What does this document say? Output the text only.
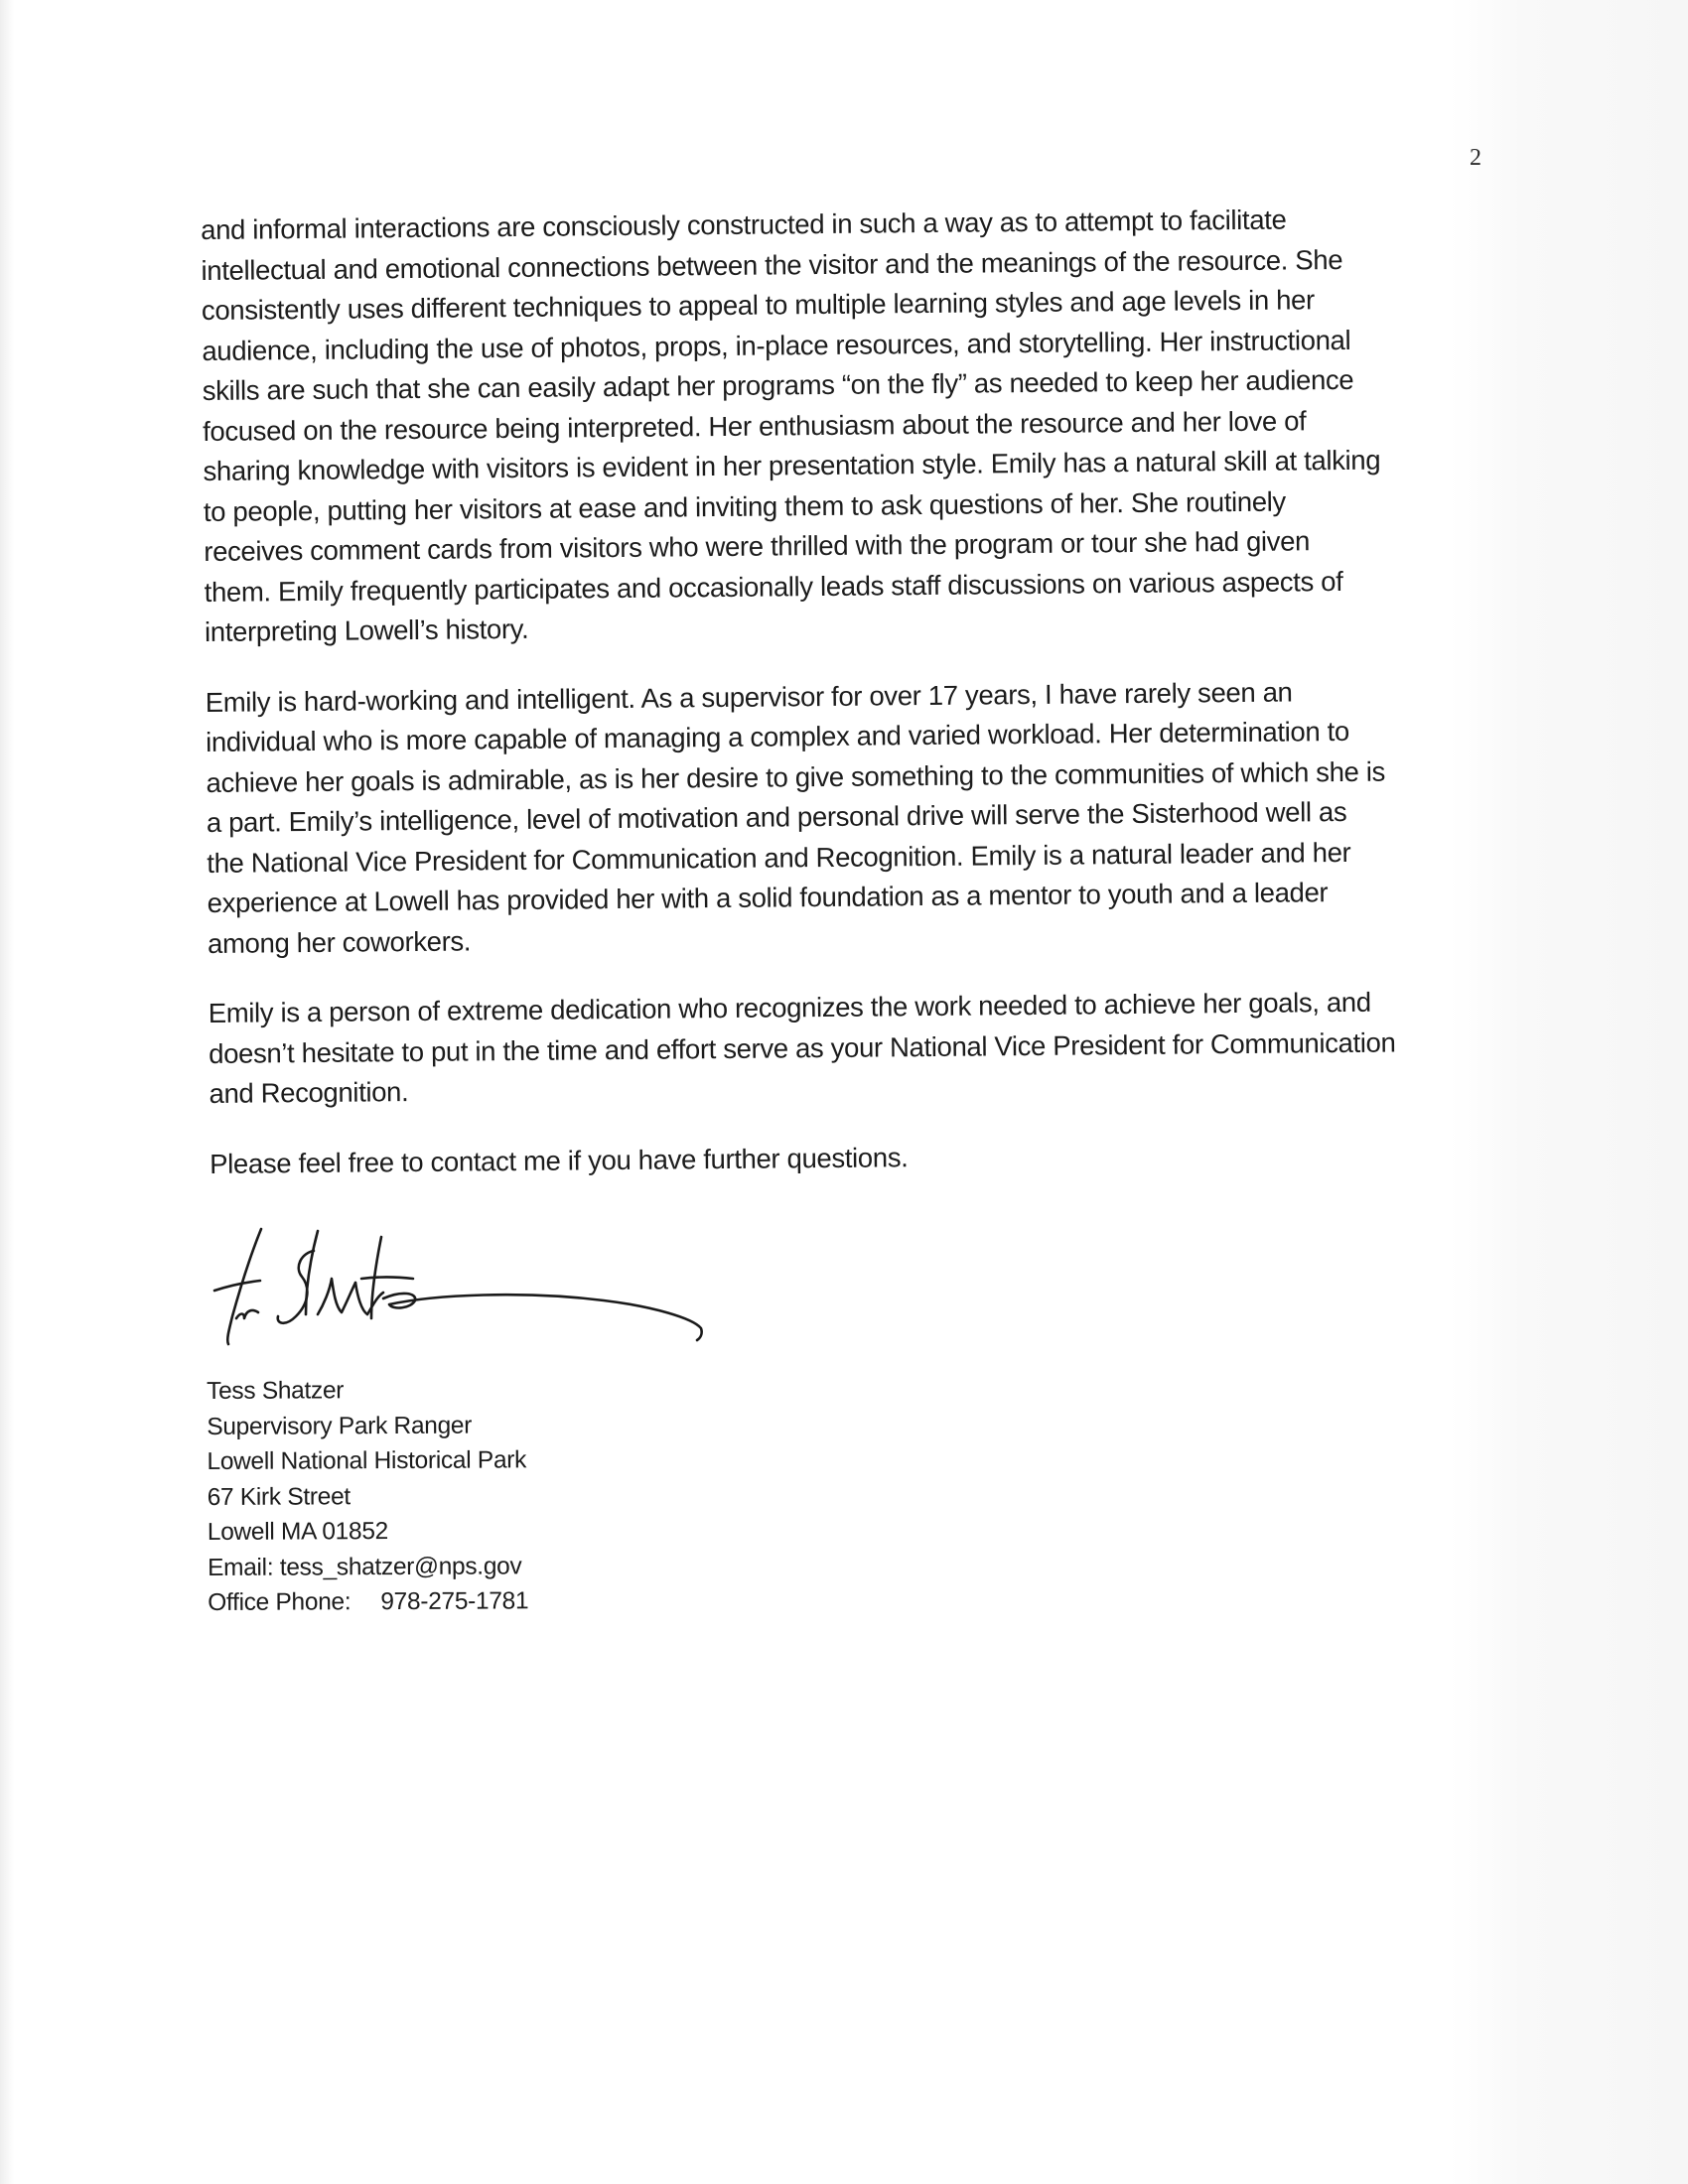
2

and informal interactions are consciously constructed in such a way as to attempt to facilitate
intellectual and emotional connections between the visitor and the meanings of the resource. She
consistently uses different techniques to appeal to multiple learning styles and age levels in her
audience, including the use of photos, props, in-place resources, and storytelling. Her instructional
skills are such that she can easily adapt her programs “on the fly” as needed to keep her audience
focused on the resource being interpreted. Her enthusiasm about the resource and her love of
sharing knowledge with visitors is evident in her presentation style. Emily has a natural skill at talking
to people, putting her visitors at ease and inviting them to ask questions of her. She routinely
receives comment cards from visitors who were thrilled with the program or tour she had given
them. Emily frequently participates and occasionally leads staff discussions on various aspects of
interpreting Lowell’s history.

Emily is hard-working and intelligent. As a supervisor for over 17 years, I have rarely seen an
individual who is more capable of managing a complex and varied workload. Her determination to
achieve her goals is admirable, as is her desire to give something to the communities of which she is
a part. Emily’s intelligence, level of motivation and personal drive will serve the Sisterhood well as
the National Vice President for Communication and Recognition. Emily is a natural leader and her
experience at Lowell has provided her with a solid foundation as a mentor to youth and a leader
among her coworkers.

Emily is a person of extreme dedication who recognizes the work needed to achieve her goals, and
doesn’t hesitate to put in the time and effort serve as your National Vice President for Communication
and Recognition.

Please feel free to contact me if you have further questions.

Tess Shatzer
Supervisory Park Ranger
Lowell National Historical Park
67 Kirk Street
Lowell MA 01852
Email: tess_shatzer@nps.gov
Office Phone: 978-275-1781
